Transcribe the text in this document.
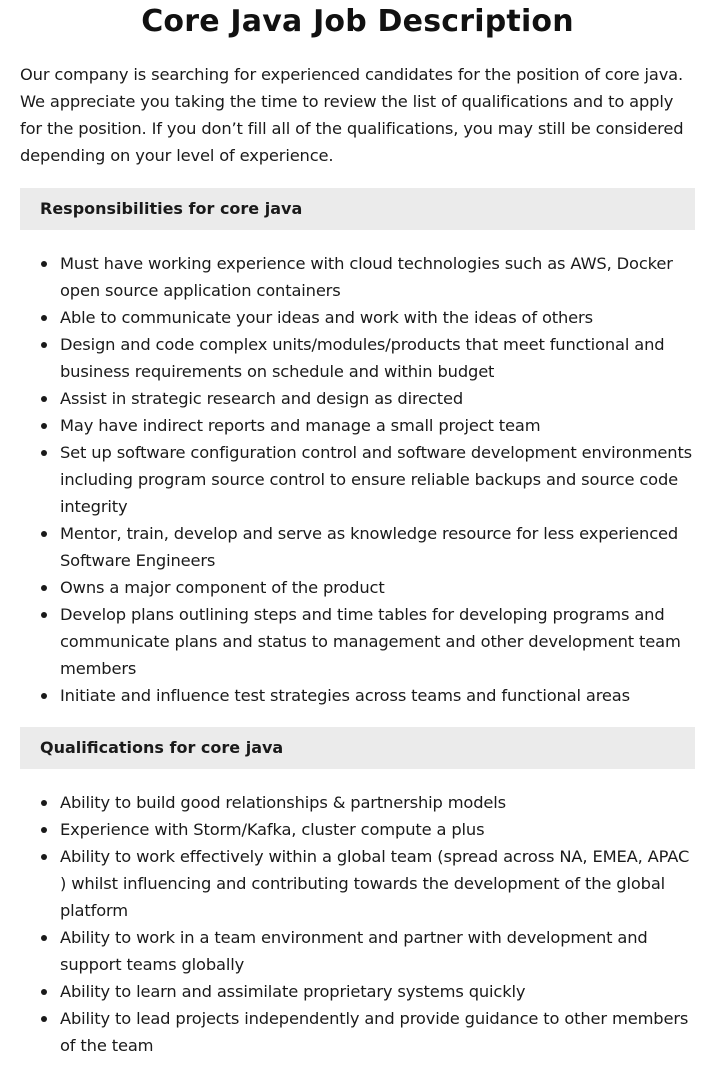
Core Java Job Description

Our company is searching for experienced candidates for the position of core java. We appreciate you taking the time to review the list of qualifications and to apply for the position. If you don’t fill all of the qualifications, you may still be considered depending on your level of experience.

Responsibilities for core java
Must have working experience with cloud technologies such as AWS, Docker open source application containers
Able to communicate your ideas and work with the ideas of others
Design and code complex units/modules/products that meet functional and business requirements on schedule and within budget
Assist in strategic research and design as directed
May have indirect reports and manage a small project team
Set up software configuration control and software development environments including program source control to ensure reliable backups and source code integrity
Mentor, train, develop and serve as knowledge resource for less experienced Software Engineers
Owns a major component of the product
Develop plans outlining steps and time tables for developing programs and communicate plans and status to management and other development team members
Initiate and influence test strategies across teams and functional areas
Qualifications for core java
Ability to build good relationships & partnership models
Experience with Storm/Kafka, cluster compute a plus
Ability to work effectively within a global team (spread across NA, EMEA, APAC ) whilst influencing and contributing towards the development of the global platform
Ability to work in a team environment and partner with development and support teams globally
Ability to learn and assimilate proprietary systems quickly
Ability to lead projects independently and provide guidance to other members of the team
